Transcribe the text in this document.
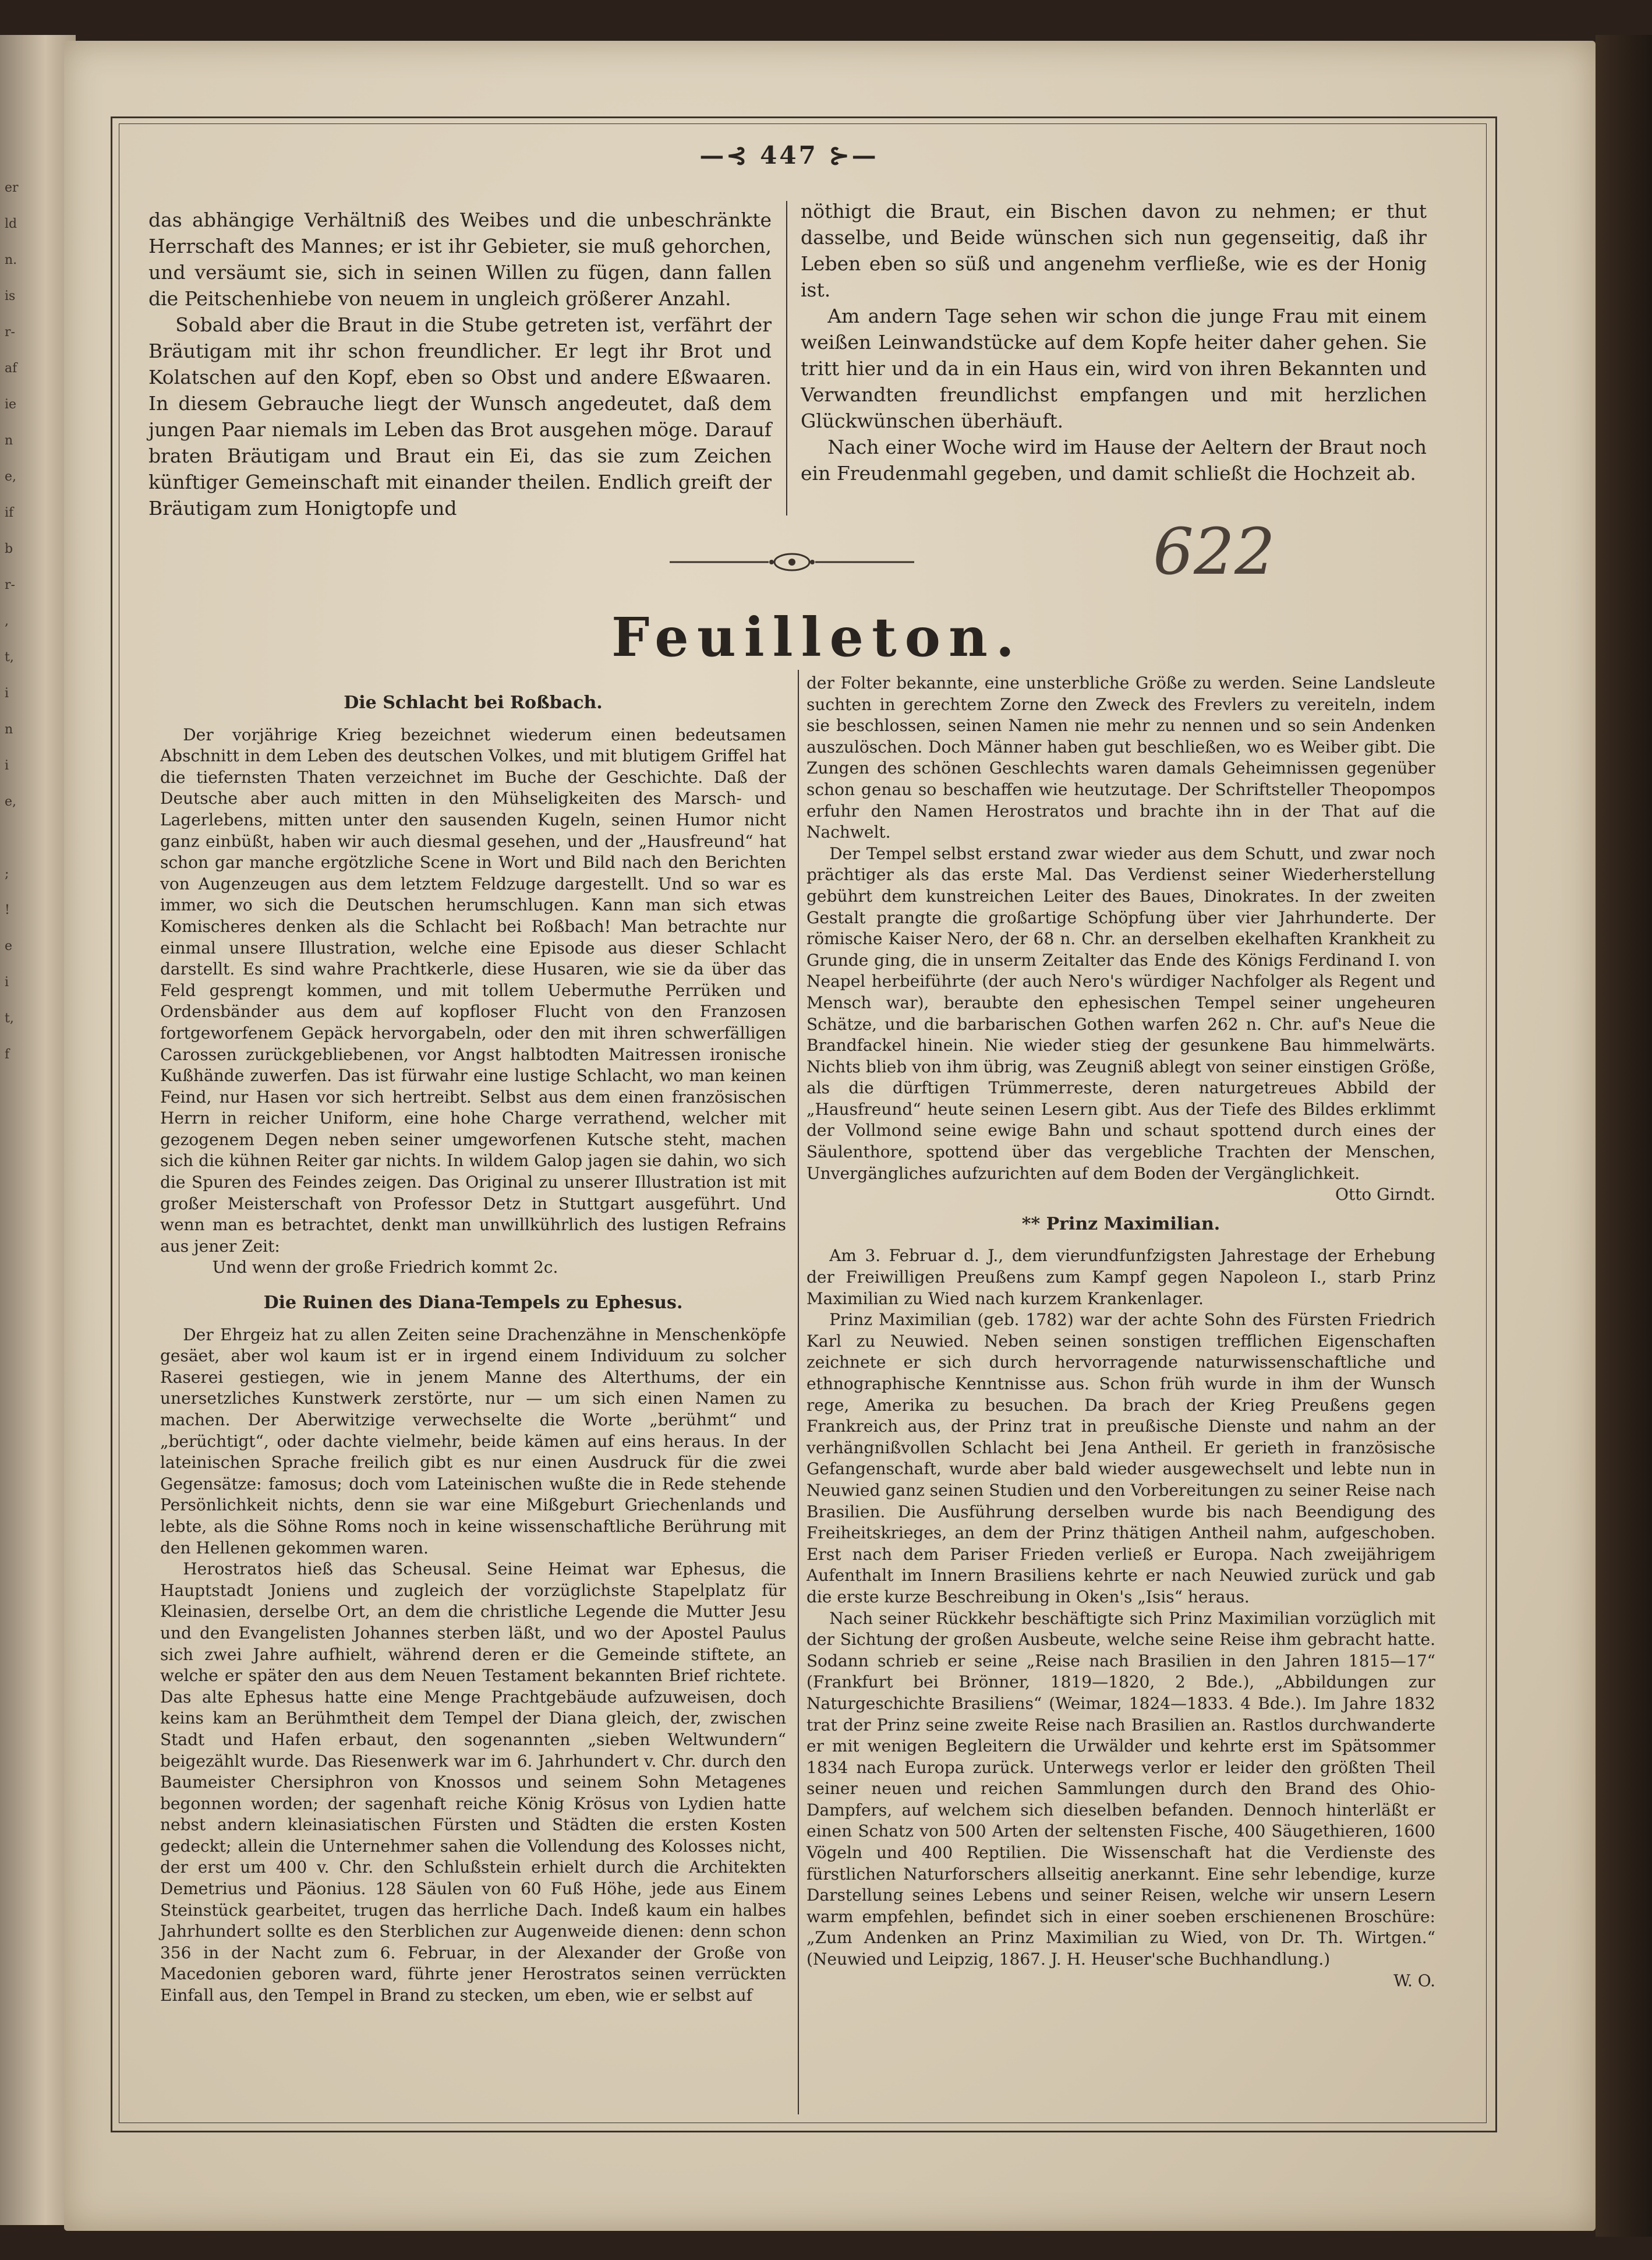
er
ld
n.
is
r-
af
ie
n
e,
if
b
r-
,
t,
i
n
i
e,
;
!
e
i
t,
f
—⊰ 447 ⊱—

das abhängige Verhältniß des Weibes und die unbeschränkte Herrschaft des Mannes; er ist ihr Gebieter, sie muß gehorchen, und versäumt sie, sich in seinen Willen zu fügen, dann fallen die Peitschenhiebe von neuem in ungleich größerer Anzahl.

Sobald aber die Braut in die Stube getreten ist, verfährt der Bräutigam mit ihr schon freundlicher. Er legt ihr Brot und Kolatschen auf den Kopf, eben so Obst und andere Eßwaaren. In diesem Gebrauche liegt der Wunsch angedeutet, daß dem jungen Paar niemals im Leben das Brot ausgehen möge. Darauf braten Bräutigam und Braut ein Ei, das sie zum Zeichen künftiger Gemeinschaft mit einander theilen. Endlich greift der Bräutigam zum Honigtopfe und

nöthigt die Braut, ein Bischen davon zu nehmen; er thut dasselbe, und Beide wünschen sich nun gegenseitig, daß ihr Leben eben so süß und angenehm verfließe, wie es der Honig ist.

Am andern Tage sehen wir schon die junge Frau mit einem weißen Leinwandstücke auf dem Kopfe heiter daher gehen. Sie tritt hier und da in ein Haus ein, wird von ihren Bekannten und Verwandten freundlichst empfangen und mit herzlichen Glückwünschen überhäuft.

Nach einer Woche wird im Hause der Aeltern der Braut noch ein Freudenmahl gegeben, und damit schließt die Hochzeit ab.

622
Feuilleton.
Die Schlacht bei Roßbach.

Der vorjährige Krieg bezeichnet wiederum einen bedeutsamen Abschnitt in dem Leben des deutschen Volkes, und mit blutigem Griffel hat die tiefernsten Thaten verzeichnet im Buche der Geschichte. Daß der Deutsche aber auch mitten in den Mühseligkeiten des Marsch- und Lagerlebens, mitten unter den sausenden Kugeln, seinen Humor nicht ganz einbüßt, haben wir auch diesmal gesehen, und der „Hausfreund“ hat schon gar manche ergötzliche Scene in Wort und Bild nach den Berichten von Augenzeugen aus dem letztem Feldzuge dargestellt. Und so war es immer, wo sich die Deutschen herumschlugen. Kann man sich etwas Komischeres denken als die Schlacht bei Roßbach! Man betrachte nur einmal unsere Illustration, welche eine Episode aus dieser Schlacht darstellt. Es sind wahre Prachtkerle, diese Husaren, wie sie da über das Feld gesprengt kommen, und mit tollem Uebermuthe Perrüken und Ordensbänder aus dem auf kopfloser Flucht von den Franzosen fortgeworfenem Gepäck hervorgabeln, oder den mit ihren schwerfälligen Carossen zurückgebliebenen, vor Angst halbtodten Maitressen ironische Kußhände zuwerfen. Das ist fürwahr eine lustige Schlacht, wo man keinen Feind, nur Hasen vor sich hertreibt. Selbst aus dem einen französischen Herrn in reicher Uniform, eine hohe Charge verrathend, welcher mit gezogenem Degen neben seiner umgeworfenen Kutsche steht, machen sich die kühnen Reiter gar nichts. In wildem Galop jagen sie dahin, wo sich die Spuren des Feindes zeigen. Das Original zu unserer Illustration ist mit großer Meisterschaft von Professor Detz in Stuttgart ausgeführt. Und wenn man es betrachtet, denkt man unwillkührlich des lustigen Refrains aus jener Zeit:

Und wenn der große Friedrich kommt 2c.

Die Ruinen des Diana-Tempels zu Ephesus.

Der Ehrgeiz hat zu allen Zeiten seine Drachenzähne in Menschenköpfe gesäet, aber wol kaum ist er in irgend einem Individuum zu solcher Raserei gestiegen, wie in jenem Manne des Alterthums, der ein unersetzliches Kunstwerk zerstörte, nur — um sich einen Namen zu machen. Der Aberwitzige verwechselte die Worte „berühmt“ und „berüchtigt“, oder dachte vielmehr, beide kämen auf eins heraus. In der lateinischen Sprache freilich gibt es nur einen Ausdruck für die zwei Gegensätze: famosus; doch vom Lateinischen wußte die in Rede stehende Persönlichkeit nichts, denn sie war eine Mißgeburt Griechenlands und lebte, als die Söhne Roms noch in keine wissenschaftliche Berührung mit den Hellenen gekommen waren.

Herostratos hieß das Scheusal. Seine Heimat war Ephesus, die Hauptstadt Joniens und zugleich der vorzüglichste Stapelplatz für Kleinasien, derselbe Ort, an dem die christliche Legende die Mutter Jesu und den Evangelisten Johannes sterben läßt, und wo der Apostel Paulus sich zwei Jahre aufhielt, während deren er die Gemeinde stiftete, an welche er später den aus dem Neuen Testament bekannten Brief richtete. Das alte Ephesus hatte eine Menge Prachtgebäude aufzuweisen, doch keins kam an Berühmtheit dem Tempel der Diana gleich, der, zwischen Stadt und Hafen erbaut, den sogenannten „sieben Weltwundern“ beigezählt wurde. Das Riesenwerk war im 6. Jahrhundert v. Chr. durch den Baumeister Chersiphron von Knossos und seinem Sohn Metagenes begonnen worden; der sagenhaft reiche König Krösus von Lydien hatte nebst andern kleinasiatischen Fürsten und Städten die ersten Kosten gedeckt; allein die Unternehmer sahen die Vollendung des Kolosses nicht, der erst um 400 v. Chr. den Schlußstein erhielt durch die Architekten Demetrius und Päonius. 128 Säulen von 60 Fuß Höhe, jede aus Einem Steinstück gearbeitet, trugen das herrliche Dach. Indeß kaum ein halbes Jahrhundert sollte es den Sterblichen zur Augenweide dienen: denn schon 356 in der Nacht zum 6. Februar, in der Alexander der Große von Macedonien geboren ward, führte jener Herostratos seinen verrückten Einfall aus, den Tempel in Brand zu stecken, um eben, wie er selbst auf

der Folter bekannte, eine unsterbliche Größe zu werden. Seine Landsleute suchten in gerechtem Zorne den Zweck des Frevlers zu vereiteln, indem sie beschlossen, seinen Namen nie mehr zu nennen und so sein Andenken auszulöschen. Doch Männer haben gut beschließen, wo es Weiber gibt. Die Zungen des schönen Geschlechts waren damals Geheimnissen gegenüber schon genau so beschaffen wie heutzutage. Der Schriftsteller Theopompos erfuhr den Namen Herostratos und brachte ihn in der That auf die Nachwelt.

Der Tempel selbst erstand zwar wieder aus dem Schutt, und zwar noch prächtiger als das erste Mal. Das Verdienst seiner Wiederherstellung gebührt dem kunstreichen Leiter des Baues, Dinokrates. In der zweiten Gestalt prangte die großartige Schöpfung über vier Jahrhunderte. Der römische Kaiser Nero, der 68 n. Chr. an derselben ekelhaften Krankheit zu Grunde ging, die in unserm Zeitalter das Ende des Königs Ferdinand I. von Neapel herbeiführte (der auch Nero's würdiger Nachfolger als Regent und Mensch war), beraubte den ephesischen Tempel seiner ungeheuren Schätze, und die barbarischen Gothen warfen 262 n. Chr. auf's Neue die Brandfackel hinein. Nie wieder stieg der gesunkene Bau himmelwärts. Nichts blieb von ihm übrig, was Zeugniß ablegt von seiner einstigen Größe, als die dürftigen Trümmerreste, deren naturgetreues Abbild der „Hausfreund“ heute seinen Lesern gibt. Aus der Tiefe des Bildes erklimmt der Vollmond seine ewige Bahn und schaut spottend durch eines der Säulenthore, spottend über das vergebliche Trachten der Menschen, Unvergängliches aufzurichten auf dem Boden der Vergänglichkeit.

Otto Girndt.
** Prinz Maximilian.

Am 3. Februar d. J., dem vierundfunfzigsten Jahrestage der Erhebung der Freiwilligen Preußens zum Kampf gegen Napoleon I., starb Prinz Maximilian zu Wied nach kurzem Krankenlager.

Prinz Maximilian (geb. 1782) war der achte Sohn des Fürsten Friedrich Karl zu Neuwied. Neben seinen sonstigen trefflichen Eigenschaften zeichnete er sich durch hervorragende naturwissenschaftliche und ethnographische Kenntnisse aus. Schon früh wurde in ihm der Wunsch rege, Amerika zu besuchen. Da brach der Krieg Preußens gegen Frankreich aus, der Prinz trat in preußische Dienste und nahm an der verhängnißvollen Schlacht bei Jena Antheil. Er gerieth in französische Gefangenschaft, wurde aber bald wieder ausgewechselt und lebte nun in Neuwied ganz seinen Studien und den Vorbereitungen zu seiner Reise nach Brasilien. Die Ausführung derselben wurde bis nach Beendigung des Freiheitskrieges, an dem der Prinz thätigen Antheil nahm, aufgeschoben. Erst nach dem Pariser Frieden verließ er Europa. Nach zweijährigem Aufenthalt im Innern Brasiliens kehrte er nach Neuwied zurück und gab die erste kurze Beschreibung in Oken's „Isis“ heraus.

Nach seiner Rückkehr beschäftigte sich Prinz Maximilian vorzüglich mit der Sichtung der großen Ausbeute, welche seine Reise ihm gebracht hatte. Sodann schrieb er seine „Reise nach Brasilien in den Jahren 1815—17“ (Frankfurt bei Brönner, 1819—1820, 2 Bde.), „Abbildungen zur Naturgeschichte Brasiliens“ (Weimar, 1824—1833. 4 Bde.). Im Jahre 1832 trat der Prinz seine zweite Reise nach Brasilien an. Rastlos durchwanderte er mit wenigen Begleitern die Urwälder und kehrte erst im Spätsommer 1834 nach Europa zurück. Unterwegs verlor er leider den größten Theil seiner neuen und reichen Sammlungen durch den Brand des Ohio-Dampfers, auf welchem sich dieselben befanden. Dennoch hinterläßt er einen Schatz von 500 Arten der seltensten Fische, 400 Säugethieren, 1600 Vögeln und 400 Reptilien. Die Wissenschaft hat die Verdienste des fürstlichen Naturforschers allseitig anerkannt. Eine sehr lebendige, kurze Darstellung seines Lebens und seiner Reisen, welche wir unsern Lesern warm empfehlen, befindet sich in einer soeben erschienenen Broschüre: „Zum Andenken an Prinz Maximilian zu Wied, von Dr. Th. Wirtgen.“ (Neuwied und Leipzig, 1867. J. H. Heuser'sche Buchhandlung.)

W. O.
